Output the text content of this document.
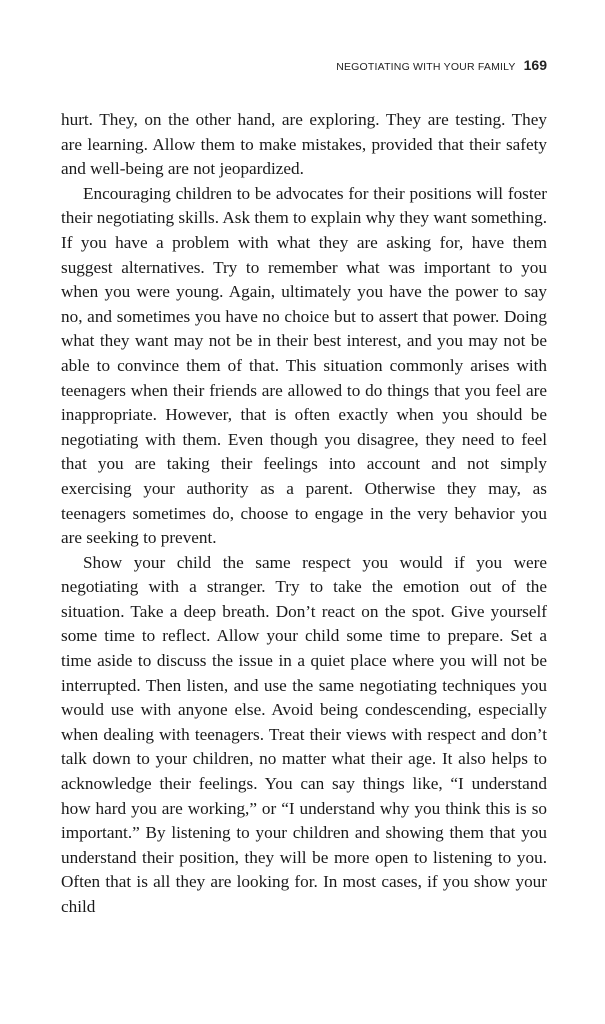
NEGOTIATING WITH YOUR FAMILY 169

hurt. They, on the other hand, are exploring. They are testing. They are learning. Allow them to make mistakes, provided that their safety and well-being are not jeopardized.

Encouraging children to be advocates for their positions will foster their negotiating skills. Ask them to explain why they want something. If you have a problem with what they are asking for, have them suggest alternatives. Try to remember what was important to you when you were young. Again, ultimately you have the power to say no, and sometimes you have no choice but to assert that power. Doing what they want may not be in their best interest, and you may not be able to convince them of that. This situation commonly arises with teenagers when their friends are allowed to do things that you feel are inappropriate. However, that is often exactly when you should be negotiating with them. Even though you disagree, they need to feel that you are taking their feelings into account and not simply exercising your authority as a parent. Otherwise they may, as teenagers sometimes do, choose to engage in the very behavior you are seeking to prevent.

Show your child the same respect you would if you were negotiating with a stranger. Try to take the emotion out of the situation. Take a deep breath. Don’t react on the spot. Give yourself some time to reflect. Allow your child some time to prepare. Set a time aside to discuss the issue in a quiet place where you will not be interrupted. Then listen, and use the same negotiating techniques you would use with anyone else. Avoid being condescending, especially when dealing with teenagers. Treat their views with respect and don’t talk down to your children, no matter what their age. It also helps to acknowledge their feelings. You can say things like, “I understand how hard you are working,” or “I understand why you think this is so important.” By listening to your children and showing them that you understand their position, they will be more open to listening to you. Often that is all they are looking for. In most cases, if you show your child
